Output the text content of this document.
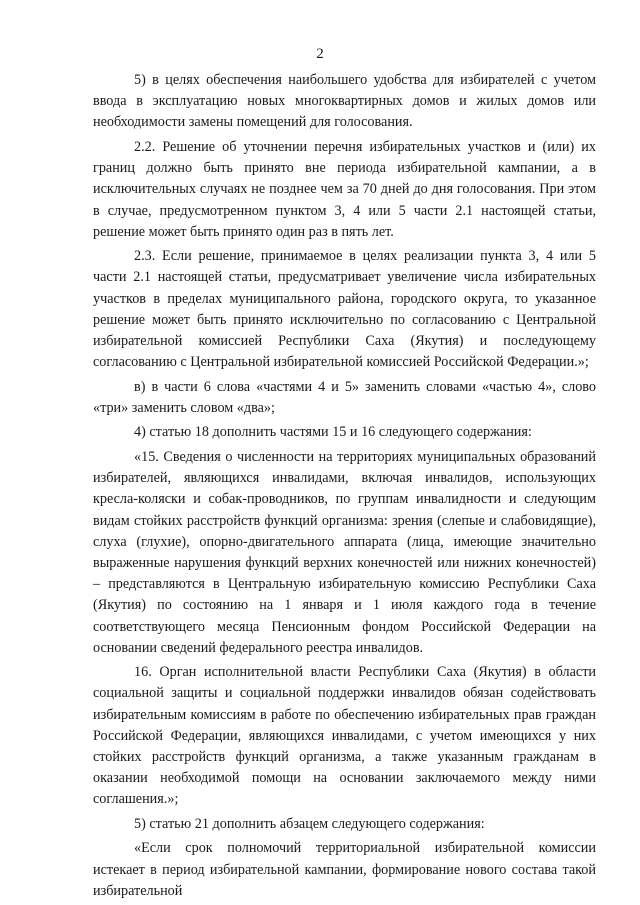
2

5) в целях обеспечения наибольшего удобства для избирателей с учетом ввода в эксплуатацию новых многоквартирных домов и жилых домов или необходимости замены помещений для голосования.

2.2. Решение об уточнении перечня избирательных участков и (или) их границ должно быть принято вне периода избирательной кампании, а в исключительных случаях не позднее чем за 70 дней до дня голосования. При этом в случае, предусмотренном пунктом 3, 4 или 5 части 2.1 настоящей статьи, решение может быть принято один раз в пять лет.

2.3. Если решение, принимаемое в целях реализации пункта 3, 4 или 5 части 2.1 настоящей статьи, предусматривает увеличение числа избирательных участков в пределах муниципального района, городского округа, то указанное решение может быть принято исключительно по согласованию с Центральной избирательной комиссией Республики Саха (Якутия) и последующему согласованию с Центральной избирательной комиссией Российской Федерации.»;

в) в части 6 слова «частями 4 и 5» заменить словами «частью 4», слово «три» заменить словом «два»;

4) статью 18 дополнить частями 15 и 16 следующего содержания:

«15. Сведения о численности на территориях муниципальных образований избирателей, являющихся инвалидами, включая инвалидов, использующих кресла-коляски и собак-проводников, по группам инвалидности и следующим видам стойких расстройств функций организма: зрения (слепые и слабовидящие), слуха (глухие), опорно-двигательного аппарата (лица, имеющие значительно выраженные нарушения функций верхних конечностей или нижних конечностей) – представляются в Центральную избирательную комиссию Республики Саха (Якутия) по состоянию на 1 января и 1 июля каждого года в течение соответствующего месяца Пенсионным фондом Российской Федерации на основании сведений федерального реестра инвалидов.

16. Орган исполнительной власти Республики Саха (Якутия) в области социальной защиты и социальной поддержки инвалидов обязан содействовать избирательным комиссиям в работе по обеспечению избирательных прав граждан Российской Федерации, являющихся инвалидами, с учетом имеющихся у них стойких расстройств функций организма, а также указанным гражданам в оказании необходимой помощи на основании заключаемого между ними соглашения.»;

5) статью 21 дополнить абзацем следующего содержания:

«Если срок полномочий территориальной избирательной комиссии истекает в период избирательной кампании, формирование нового состава такой избирательной
